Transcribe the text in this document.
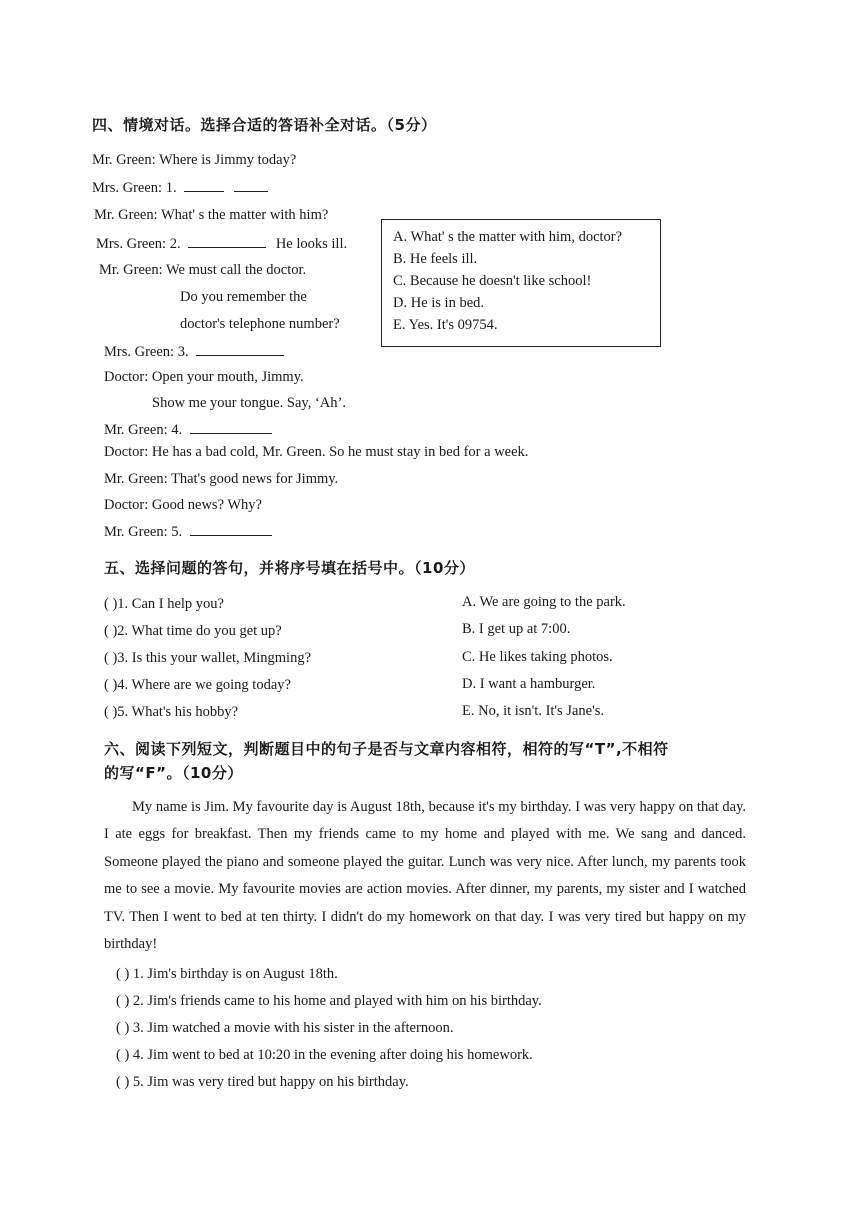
四、情境对话。选择合适的答语补全对话。（5分）
Mr. Green: Where is Jimmy today?
Mrs. Green: 1.
Mr. Green: What' s the matter with him?
Mrs. Green: 2.	He looks ill.
Mr. Green: We must call the doctor.
Do you remember the
doctor's telephone number?
Mrs. Green: 3.
Doctor: Open your mouth, Jimmy.
Show me your tongue. Say, ‘Ah’.
Mr. Green: 4.
Doctor: He has a bad cold, Mr. Green. So he must stay in bed for a week.
Mr. Green: That's good news for Jimmy.
Doctor: Good news? Why?
Mr. Green: 5.
A. What' s the matter with him, doctor?
B. He feels ill.
C. Because he doesn't like school!
D. He is in bed.
E. Yes. It's 09754.
五、选择问题的答句，并将序号填在括号中。（10分）
( )1. Can I help you?
( )2. What time do you get up?
( )3. Is this your wallet, Mingming?
( )4. Where are we going today?
( )5. What's his hobby?
A. We are going to the park.
B. I get up at 7:00.
C. He likes taking photos.
D. I want a hamburger.
E. No, it isn't. It's Jane's.
六、阅读下列短文，判断题目中的句子是否与文章内容相符，相符的写“T”,不相符
的写“F”。（10分）

My name is Jim. My favourite day is August 18th, because it's my birthday. I was very happy on that day. I ate eggs for breakfast. Then my friends came to my home and played with me. We sang and danced. Someone played the piano and someone played the guitar. Lunch was very nice. After lunch, my parents took me to see a movie. My favourite movies are action movies. After dinner, my parents, my sister and I watched TV. Then I went to bed at ten thirty. I didn't do my homework on that day. I was very tired but happy on my birthday!

( ) 1. Jim's birthday is on August 18th.
( ) 2. Jim's friends came to his home and played with him on his birthday.
( ) 3. Jim watched a movie with his sister in the afternoon.
( ) 4. Jim went to bed at 10:20 in the evening after doing his homework.
( ) 5. Jim was very tired but happy on his birthday.
